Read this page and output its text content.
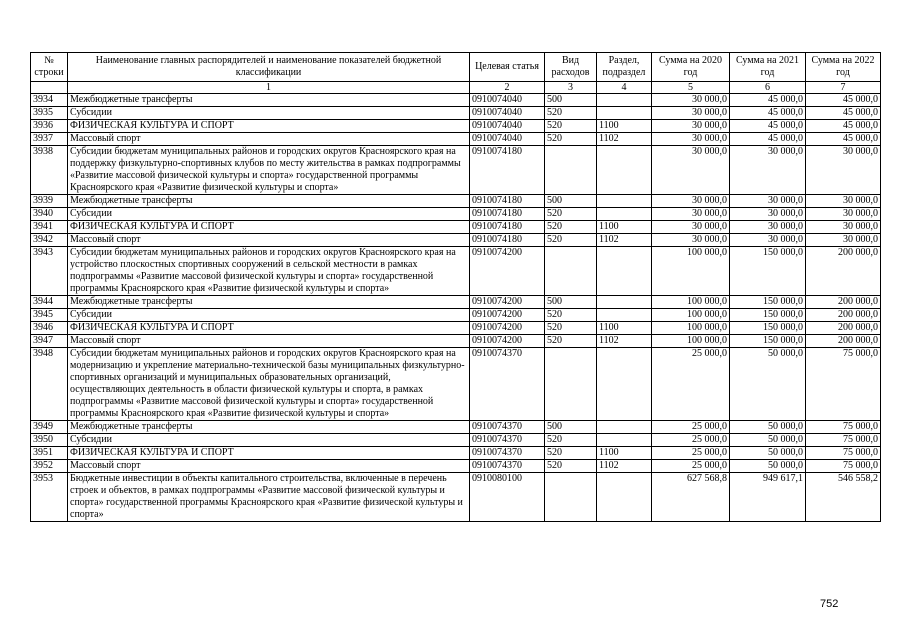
№
строки	Наименование главных распорядителей и наименование показателей бюджетной классификации	Целевая статья	Вид расходов	Раздел, подраздел	Сумма на 2020 год	Сумма на 2021 год	Сумма на 2022 год
	1	2	3	4	5	6	7
3934	Межбюджетные трансферты	0910074040	500		30 000,0	45 000,0	45 000,0
3935	Субсидии	0910074040	520		30 000,0	45 000,0	45 000,0
3936	ФИЗИЧЕСКАЯ КУЛЬТУРА И СПОРТ	0910074040	520	1100	30 000,0	45 000,0	45 000,0
3937	Массовый спорт	0910074040	520	1102	30 000,0	45 000,0	45 000,0
3938	Субсидии бюджетам муниципальных районов и городских округов Красноярского края на поддержку физкультурно-спортивных клубов по месту жительства в рамках подпрограммы «Развитие массовой физической культуры и спорта» государственной программы Красноярского края «Развитие физической культуры и спорта»	0910074180			30 000,0	30 000,0	30 000,0
3939	Межбюджетные трансферты	0910074180	500		30 000,0	30 000,0	30 000,0
3940	Субсидии	0910074180	520		30 000,0	30 000,0	30 000,0
3941	ФИЗИЧЕСКАЯ КУЛЬТУРА И СПОРТ	0910074180	520	1100	30 000,0	30 000,0	30 000,0
3942	Массовый спорт	0910074180	520	1102	30 000,0	30 000,0	30 000,0
3943	Субсидии бюджетам муниципальных районов и городских округов Красноярского края на устройство плоскостных спортивных сооружений в сельской местности в рамках подпрограммы «Развитие массовой физической культуры и спорта» государственной программы Красноярского края «Развитие физической культуры и спорта»	0910074200			100 000,0	150 000,0	200 000,0
3944	Межбюджетные трансферты	0910074200	500		100 000,0	150 000,0	200 000,0
3945	Субсидии	0910074200	520		100 000,0	150 000,0	200 000,0
3946	ФИЗИЧЕСКАЯ КУЛЬТУРА И СПОРТ	0910074200	520	1100	100 000,0	150 000,0	200 000,0
3947	Массовый спорт	0910074200	520	1102	100 000,0	150 000,0	200 000,0
3948	Субсидии бюджетам муниципальных районов и городских округов Красноярского края на модернизацию и укрепление материально-технической базы муниципальных физкультурно-спортивных организаций и муниципальных образовательных организаций, осуществляющих деятельность в области физической культуры и спорта, в рамках подпрограммы «Развитие массовой физической культуры и спорта» государственной программы Красноярского края «Развитие физической культуры и спорта»	0910074370			25 000,0	50 000,0	75 000,0
3949	Межбюджетные трансферты	0910074370	500		25 000,0	50 000,0	75 000,0
3950	Субсидии	0910074370	520		25 000,0	50 000,0	75 000,0
3951	ФИЗИЧЕСКАЯ КУЛЬТУРА И СПОРТ	0910074370	520	1100	25 000,0	50 000,0	75 000,0
3952	Массовый спорт	0910074370	520	1102	25 000,0	50 000,0	75 000,0
3953	Бюджетные инвестиции в объекты капитального строительства, включенные в перечень строек и объектов, в рамках подпрограммы «Развитие массовой физической культуры и спорта» государственной программы Красноярского края «Развитие физической культуры и спорта»	0910080100			627 568,8	949 617,1	546 558,2
752
